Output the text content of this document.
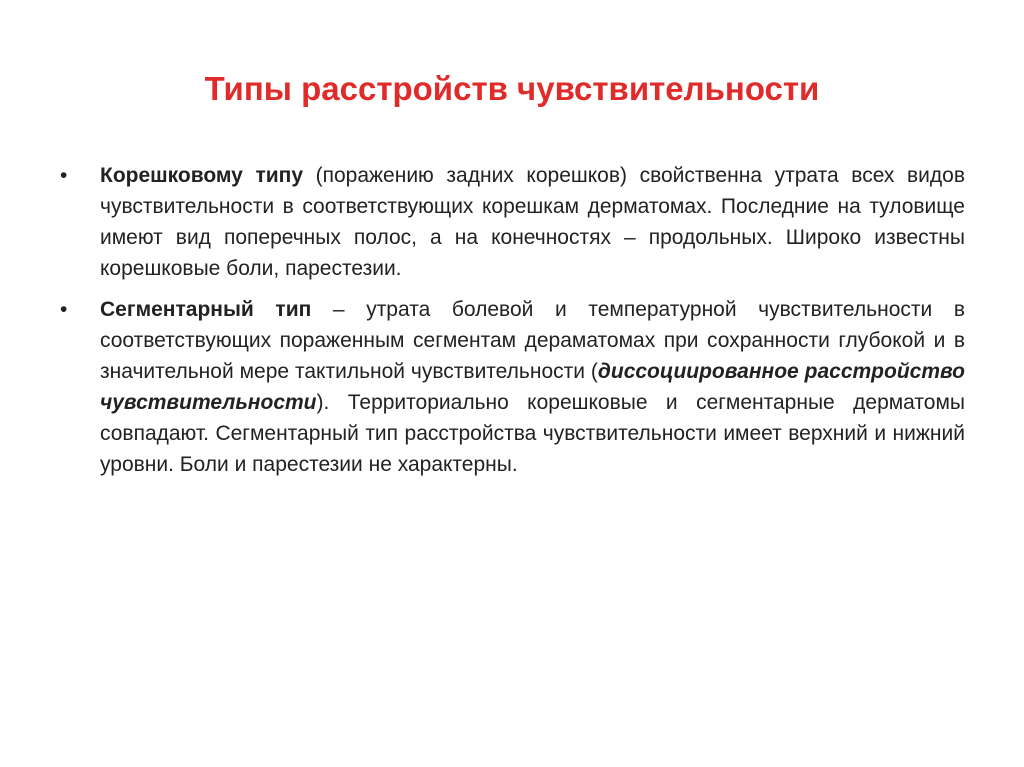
Типы расстройств чувствительности
•	Корешковому типу (поражению задних корешков) свойственна утрата всех видов чувствительности в соответствующих корешкам дерматомах. Последние на туловище имеют вид поперечных полос, а на конечностях – продольных. Широко известны корешковые боли, парестезии.
•	Сегментарный тип – утрата болевой и температурной чувствительности в соответствующих пораженным сегментам дераматомах при сохранности глубокой и в значительной мере тактильной чувствительности (диссоциированное расстройство чувствительности). Территориально корешковые и сегментарные дерматомы совпадают. Сегментарный тип расстройства чувствительности имеет верхний и нижний уровни. Боли и парестезии не характерны.
